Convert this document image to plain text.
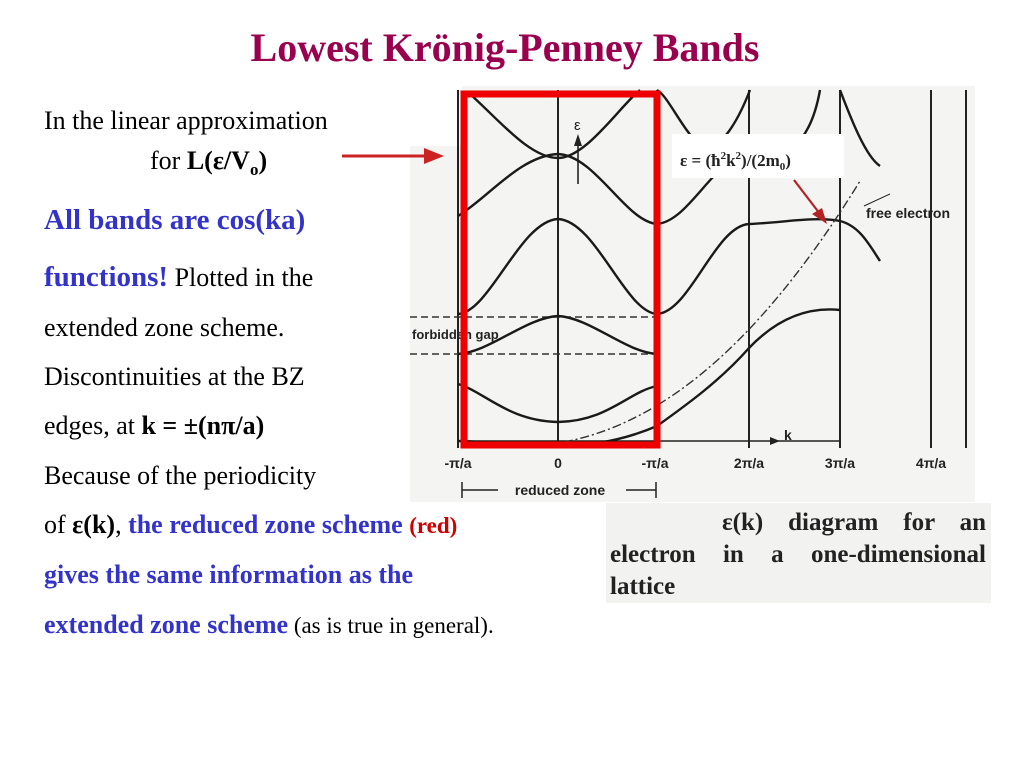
Lowest Krönig-Penney Bands
In the linear approximation
for $L(\varepsilon/V_o)$
All bands are cos(ka)
functions! Plotted in the
extended zone scheme.
Discontinuities at the BZ
edges, at k = ±(nπ/a)
Because of the periodicity
of ε(k), the reduced zone scheme (red)
gives the same information as the
extended zone scheme (as is true in general).
k
ε
forbidden gap
free electron
-π/a	0	-π/a	2π/a	3π/a	4π/a
reduced zone
$\varepsilon = (ħ^2k^2)/(2m_0)$
ε(k) diagram for an
electron in a one-dimensional
lattice
